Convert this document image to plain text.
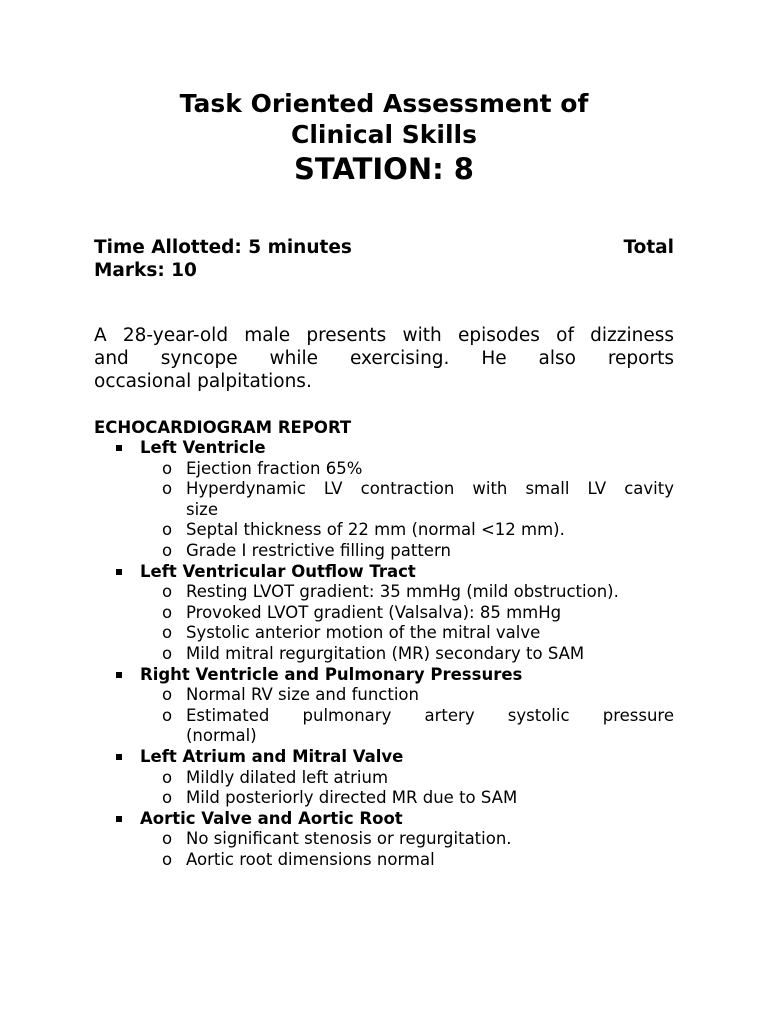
Task Oriented Assessment of
Clinical Skills
STATION: 8
Time Allotted: 5 minutes	Total
Marks: 10
A 28-year-old male presents with episodes of dizziness
and syncope while exercising. He also reports
occasional palpitations.
ECHOCARDIOGRAM REPORT
Left Ventricle
o Ejection fraction 65%
o Hyperdynamic LV contraction with small LV cavity
size
o Septal thickness of 22 mm (normal <12 mm).
o Grade I restrictive filling pattern
Left Ventricular Outflow Tract
o Resting LVOT gradient: 35 mmHg (mild obstruction).
o Provoked LVOT gradient (Valsalva): 85 mmHg
o Systolic anterior motion of the mitral valve
o Mild mitral regurgitation (MR) secondary to SAM
Right Ventricle and Pulmonary Pressures
o Normal RV size and function
o Estimated pulmonary artery systolic pressure
(normal)
Left Atrium and Mitral Valve
o Mildly dilated left atrium
o Mild posteriorly directed MR due to SAM
Aortic Valve and Aortic Root
o No significant stenosis or regurgitation.
o Aortic root dimensions normal
